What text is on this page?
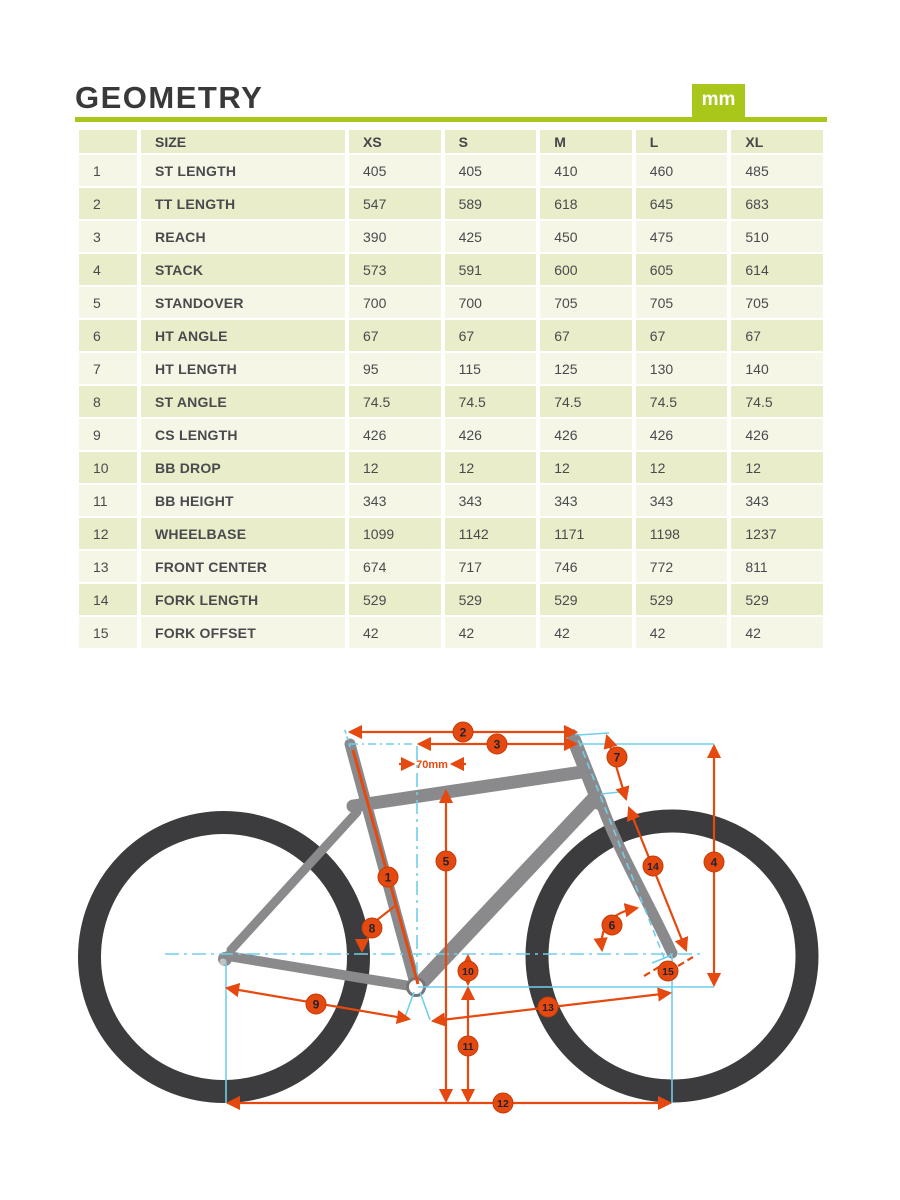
GEOMETRY	mm
	SIZE	XS	S	M	L	XL
1	ST LENGTH	405	405	410	460	485
2	TT LENGTH	547	589	618	645	683
3	REACH	390	425	450	475	510
4	STACK	573	591	600	605	614
5	STANDOVER	700	700	705	705	705
6	HT ANGLE	67	67	67	67	67
7	HT LENGTH	95	115	125	130	140
8	ST ANGLE	74.5	74.5	74.5	74.5	74.5
9	CS LENGTH	426	426	426	426	426
10	BB DROP	12	12	12	12	12
11	BB HEIGHT	343	343	343	343	343
12	WHEELBASE	1099	1142	1171	1198	1237
13	FRONT CENTER	674	717	746	772	811
14	FORK LENGTH	529	529	529	529	529
15	FORK OFFSET	42	42	42	42	42
1
2
3
4
5
6
7
8
9
10
11
12
13
14
15
70mm
